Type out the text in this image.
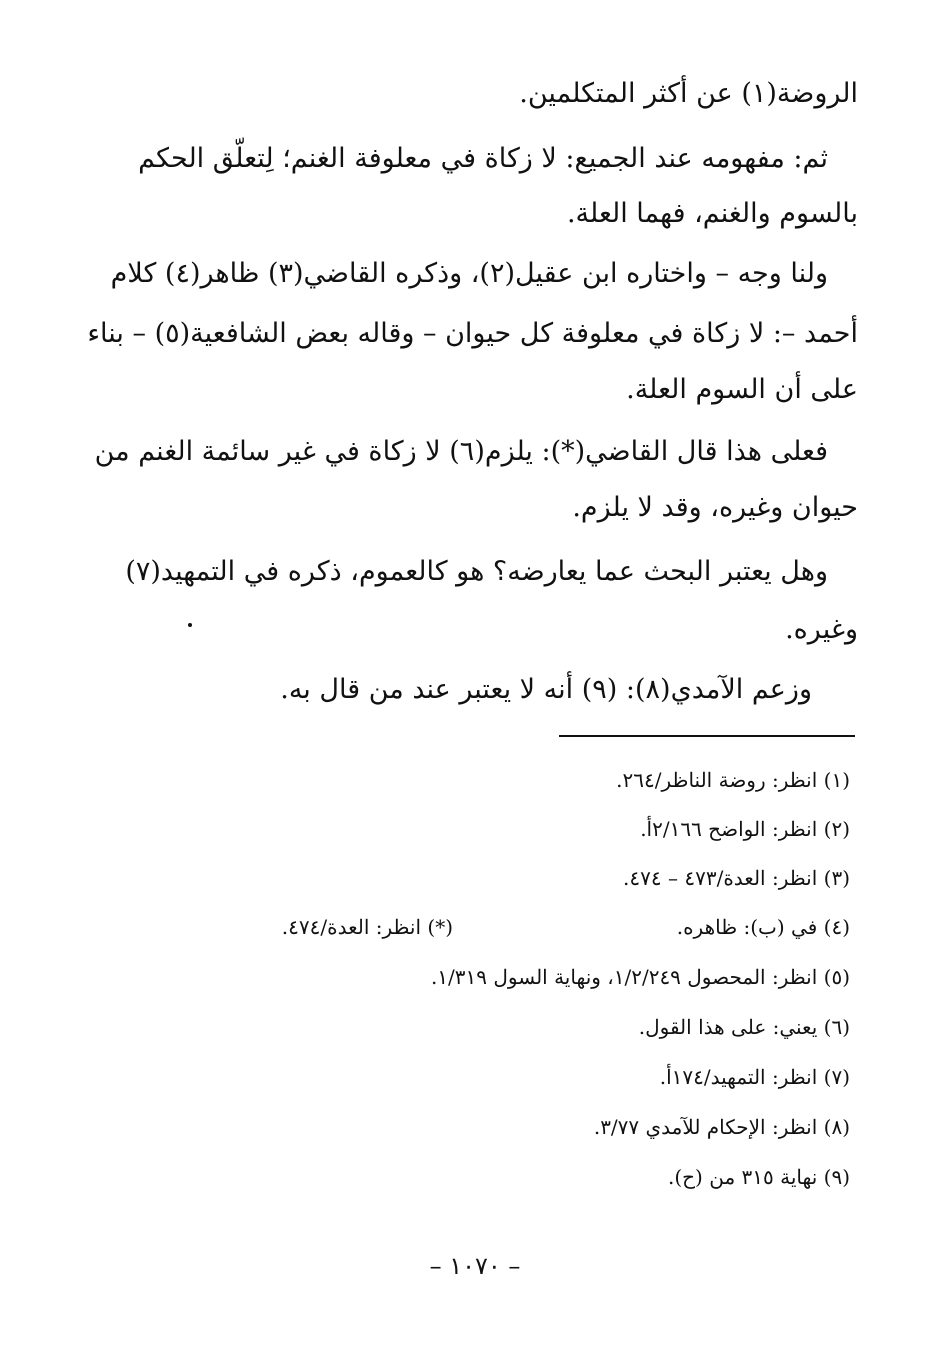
الروضة(١) عن أكثر المتكلمين.
ثم: مفهومه عند الجميع: لا زكاة في معلوفة الغنم؛ لِتعلّق الحكم
بالسوم والغنم، فهما العلة.
ولنا وجه – واختاره ابن عقيل(٢)، وذكره القاضي(٣) ظاهر(٤) كلام
أحمد –: لا زكاة في معلوفة كل حيوان – وقاله بعض الشافعية(٥) – بناء
على أن السوم العلة.
فعلى هذا قال القاضي(*): يلزم(٦) لا زكاة في غير سائمة الغنم من
حيوان وغيره، وقد لا يلزم.
وهل يعتبر البحث عما يعارضه؟ هو كالعموم، ذكره في التمهيد(٧)
وغيره.
وزعم الآمدي(٨): (٩) أنه لا يعتبر عند من قال به.
(١) انظر: روضة الناظر/٢٦٤.
(٢) انظر: الواضح ٢/١٦٦أ.
(٣) انظر: العدة/٤٧٣ – ٤٧٤.
(٤) في (ب): ظاهره.
(*) انظر: العدة/٤٧٤.
(٥) انظر: المحصول ١/٢/٢٤٩، ونهاية السول ١/٣١٩.
(٦) يعني: على هذا القول.
(٧) انظر: التمهيد/١٧٤أ.
(٨) انظر: الإحكام للآمدي ٣/٧٧.
(٩) نهاية ٣١٥ من (ح).
– ١٠٧٠ –
